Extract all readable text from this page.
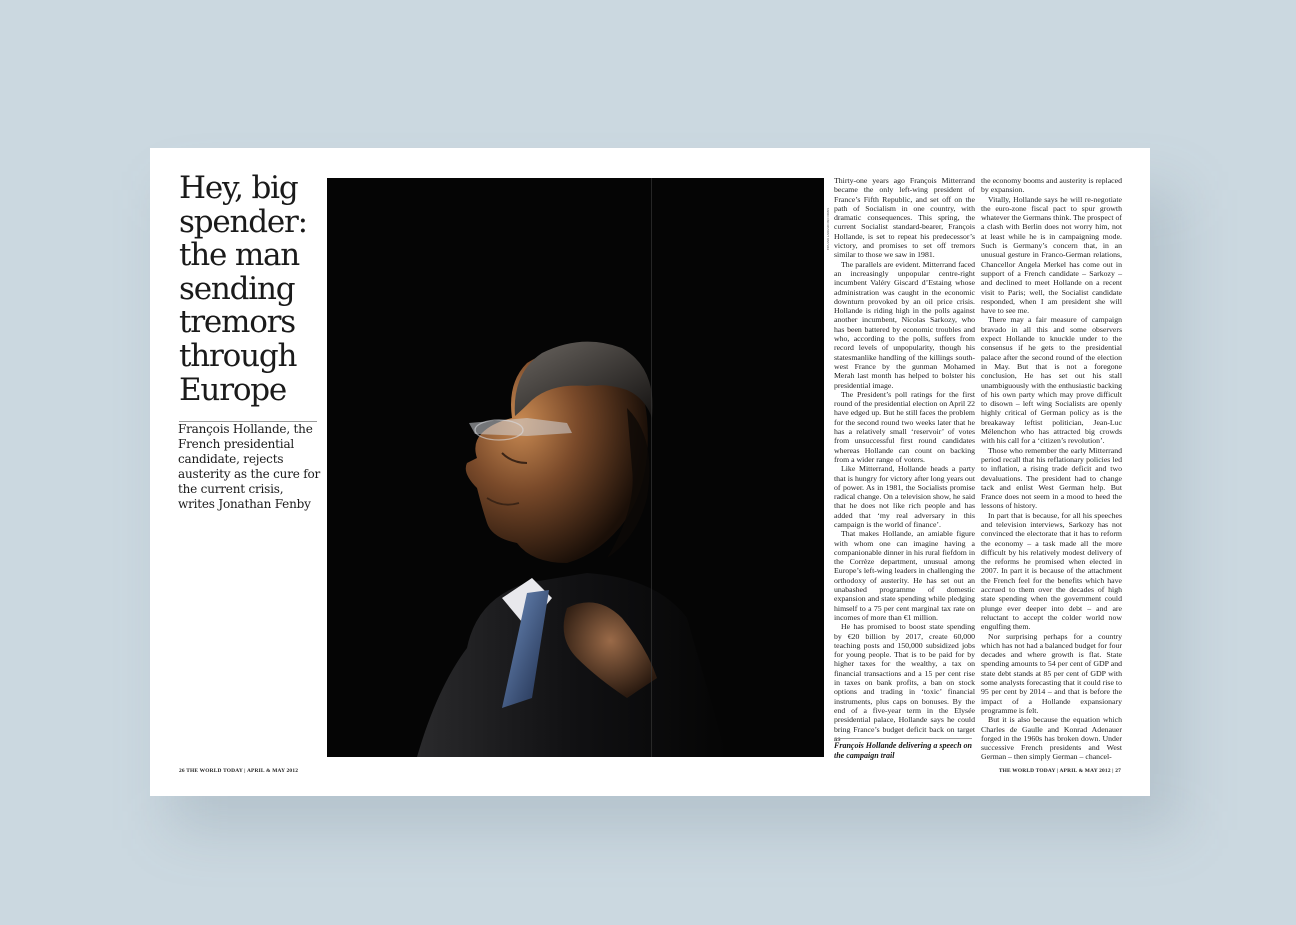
Hey, big spender: the man sending tremors through Europe

François Hollande, the French presidential candidate, rejects austerity as the cure for the current crisis, writes Jonathan Fenby

EPA/IAN LANGSDON/CORBIS

Thirty-one years ago François Mitterrand became the only left-wing president of France’s Fifth Republic, and set off on the path of Socialism in one country, with dramatic consequences. This spring, the current Socialist standard-bearer, François Hollande, is set to repeat his predecessor’s victory, and promises to set off tremors similar to those we saw in 1981.

The parallels are evident. Mitterrand faced an increasingly unpopular centre-right incumbent Valéry Giscard d’Estaing whose administration was caught in the economic downturn provoked by an oil price crisis. Hollande is riding high in the polls against another incumbent, Nicolas Sarkozy, who has been battered by economic troubles and who, according to the polls, suffers from record levels of unpopularity, though his statesmanlike handling of the killings south-west France by the gunman Mohamed Merah last month has helped to bolster his presidential image.

The President’s poll ratings for the first round of the presidential election on April 22 have edged up. But he still faces the problem for the second round two weeks later that he has a relatively small ‘reservoir’ of votes from unsuccessful first round candidates whereas Hollande can count on backing from a wider range of voters.

Like Mitterrand, Hollande heads a party that is hungry for victory after long years out of power. As in 1981, the Socialists promise radical change. On a television show, he said that he does not like rich people and has added that ‘my real adversary in this campaign is the world of finance’.

That makes Hollande, an amiable figure with whom one can imagine having a companionable dinner in his rural fiefdom in the Corrèze department, unusual among Europe’s left-wing leaders in challenging the orthodoxy of austerity. He has set out an unabashed programme of domestic expansion and state spending while pledging himself to a 75 per cent marginal tax rate on incomes of more than €1 million.

He has promised to boost state spending by €20 billion by 2017, create 60,000 teaching posts and 150,000 subsidized jobs for young people. That is to be paid for by higher taxes for the wealthy, a tax on financial transactions and a 15 per cent rise in taxes on bank profits, a ban on stock options and trading in ‘toxic’ financial instruments, plus caps on bonuses. By the end of a five-year term in the Elysée presidential palace, Hollande says he could bring France’s budget deficit back on target as

François Hollande delivering a speech on the campaign trail

the economy booms and austerity is replaced by expansion.

Vitally, Hollande says he will re-negotiate the euro-zone fiscal pact to spur growth whatever the Germans think. The prospect of a clash with Berlin does not worry him, not at least while he is in campaigning mode. Such is Germany’s concern that, in an unusual gesture in Franco-German relations, Chancellor Angela Merkel has come out in support of a French candidate – Sarkozy – and declined to meet Hollande on a recent visit to Paris; well, the Socialist candidate responded, when I am president she will have to see me.

There may a fair measure of campaign bravado in all this and some observers expect Hollande to knuckle under to the consensus if he gets to the presidential palace after the second round of the election in May. But that is not a foregone conclusion, He has set out his stall unambiguously with the enthusiastic backing of his own party which may prove difficult to disown – left wing Socialists are openly highly critical of German policy as is the breakaway leftist politician, Jean-Luc Mélenchon who has attracted big crowds with his call for a ‘citizen’s revolution’.

Those who remember the early Mitterrand period recall that his reflationary policies led to inflation, a rising trade deficit and two devaluations. The president had to change tack and enlist West German help. But France does not seem in a mood to heed the lessons of history.

In part that is because, for all his speeches and television interviews, Sarkozy has not convinced the electorate that it has to reform the economy – a task made all the more difficult by his relatively modest delivery of the reforms he promised when elected in 2007. In part it is because of the attachment the French feel for the benefits which have accrued to them over the decades of high state spending when the government could plunge ever deeper into debt – and are reluctant to accept the colder world now engulfing them.

Nor surprising perhaps for a country which has not had a balanced budget for four decades and where growth is flat. State spending amounts to 54 per cent of GDP and state debt stands at 85 per cent of GDP with some analysts forecasting that it could rise to 95 per cent by 2014 – and that is before the impact of a Hollande expansionary programme is felt.

But it is also because the equation which Charles de Gaulle and Konrad Adenauer forged in the 1960s has broken down. Under successive French presidents and West German – then simply German – chancel-

26 THE WORLD TODAY | APRIL & MAY 2012	THE WORLD TODAY | APRIL & MAY 2012 | 27
